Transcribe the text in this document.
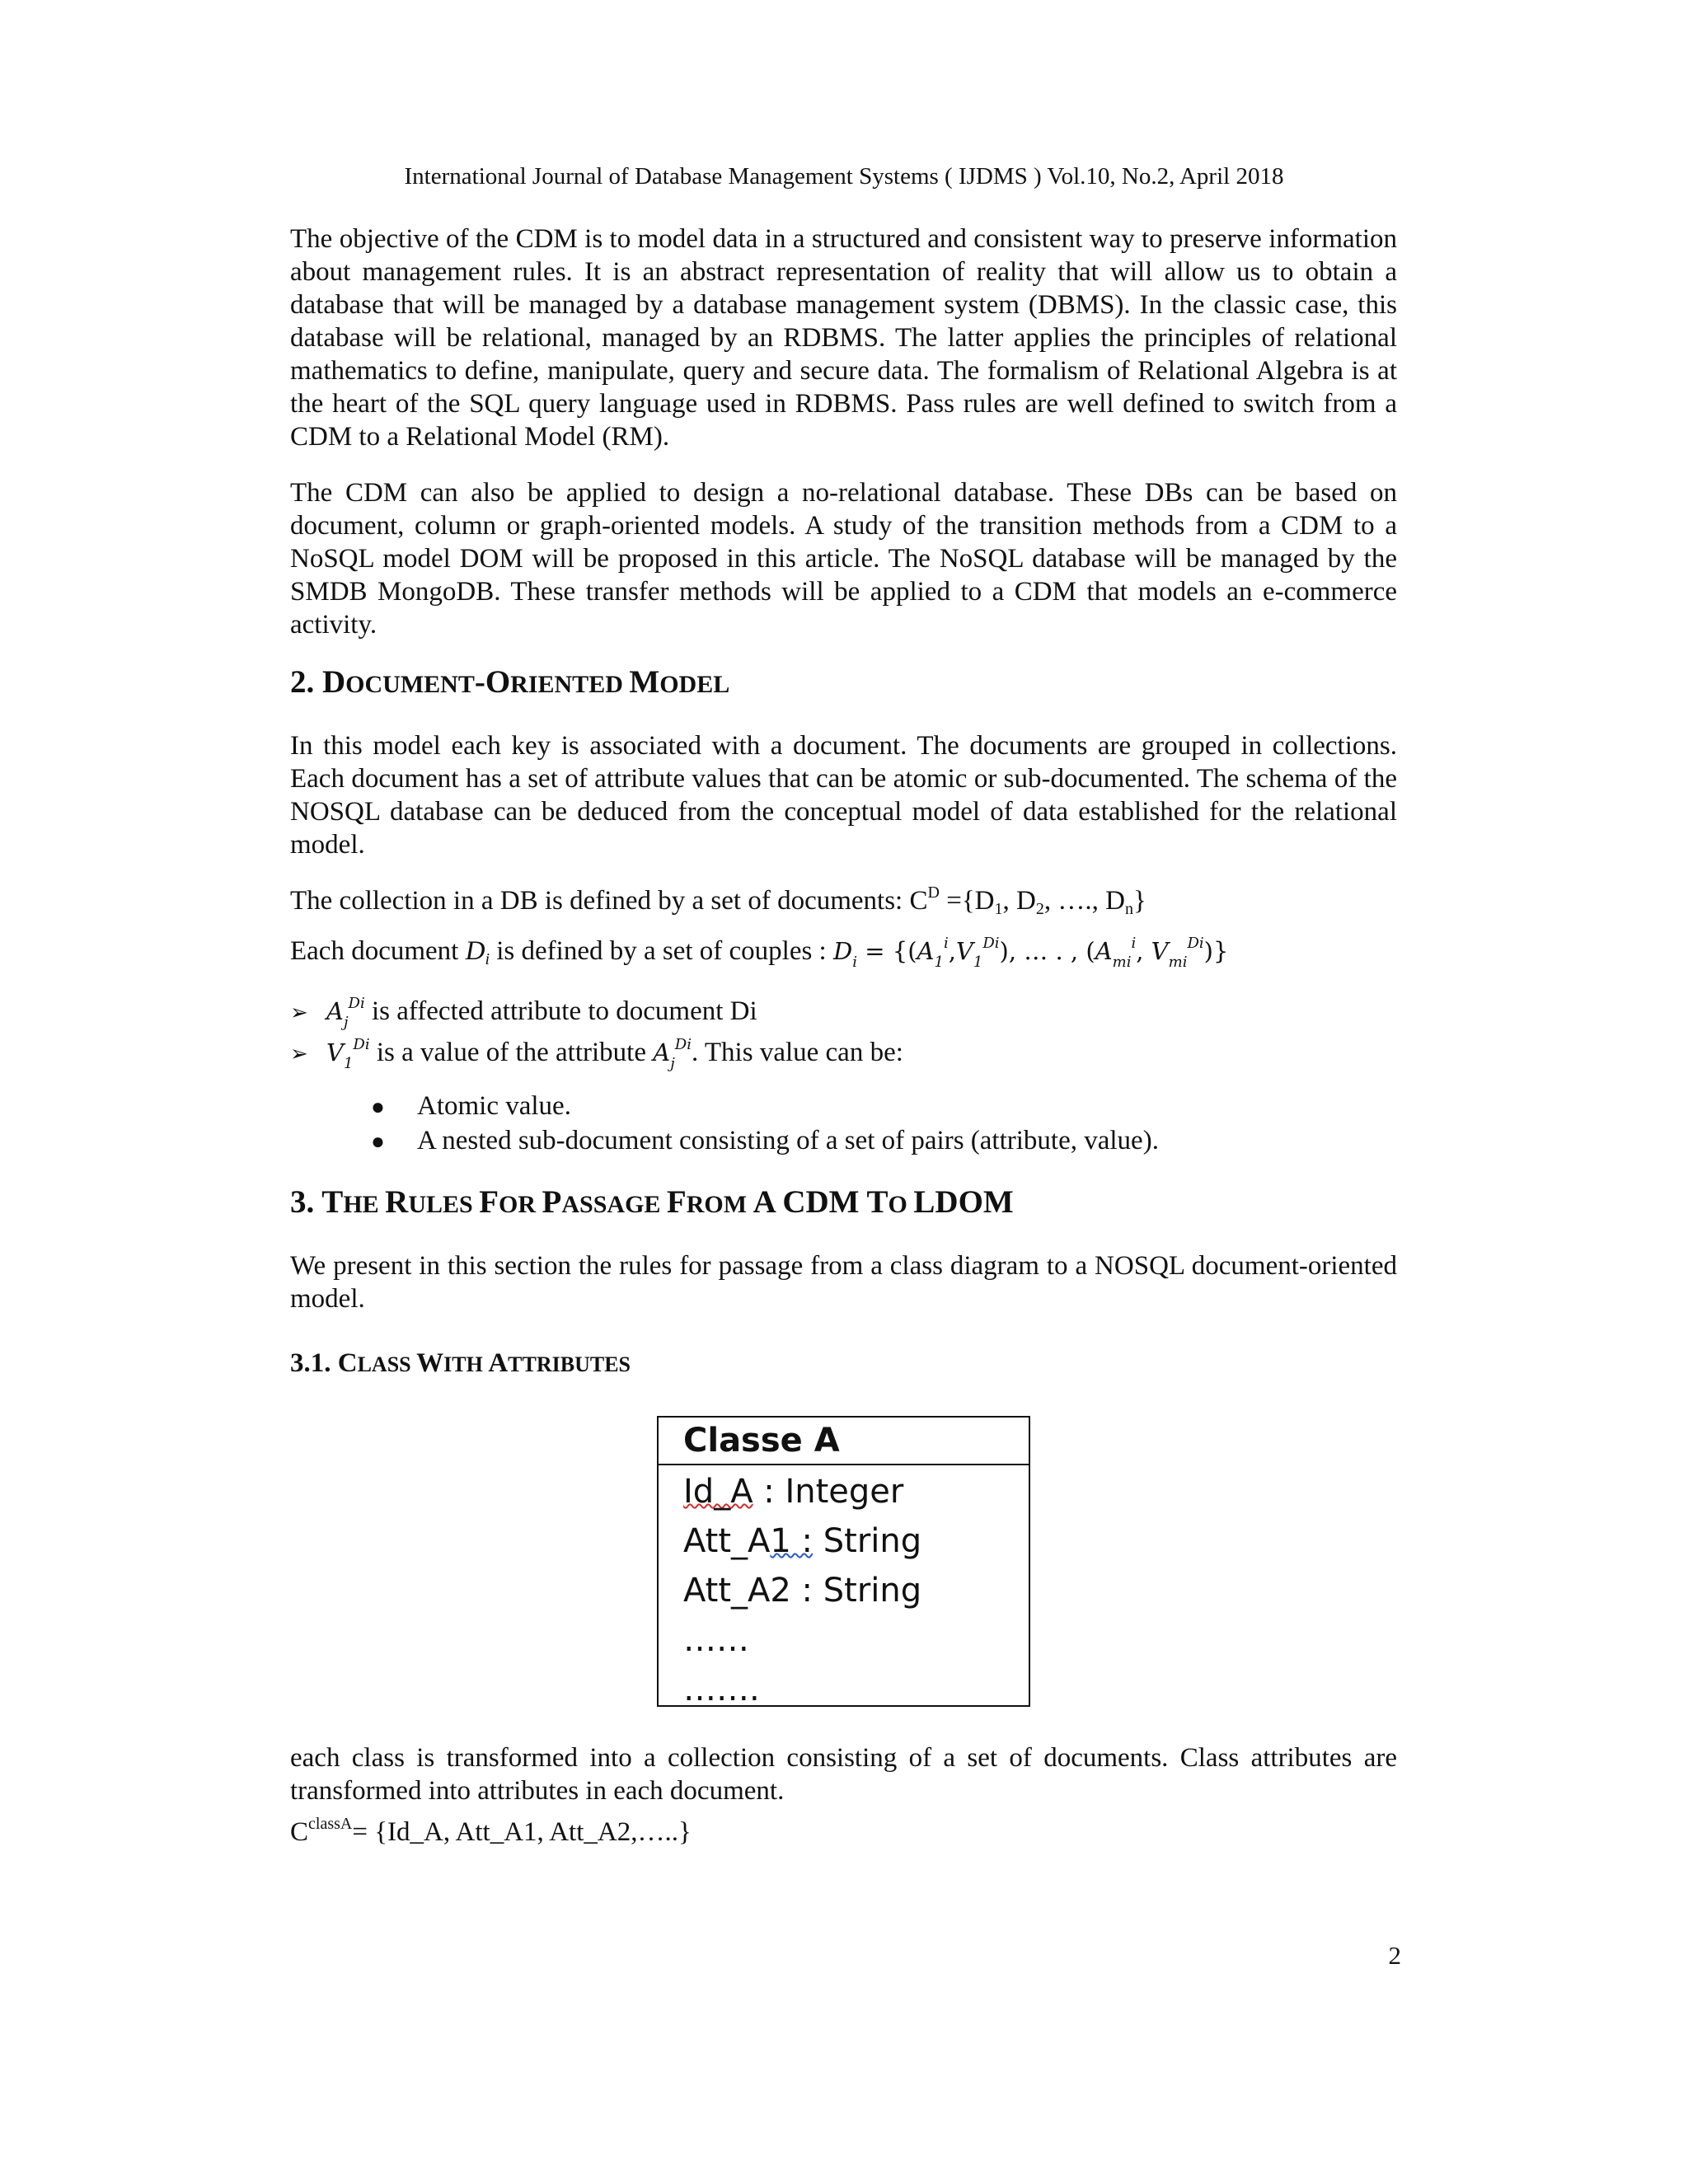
International Journal of Database Management Systems ( IJDMS ) Vol.10, No.2, April 2018

The objective of the CDM is to model data in a structured and consistent way to preserve information about management rules. It is an abstract representation of reality that will allow us to obtain a database that will be managed by a database management system (DBMS). In the classic case, this database will be relational, managed by an RDBMS. The latter applies the principles of relational mathematics to define, manipulate, query and secure data. The formalism of Relational Algebra is at the heart of the SQL query language used in RDBMS. Pass rules are well defined to switch from a CDM to a Relational Model (RM).

The CDM can also be applied to design a no-relational database. These DBs can be based on document, column or graph-oriented models. A study of the transition methods from a CDM to a NoSQL model DOM will be proposed in this article. The NoSQL database will be managed by the SMDB MongoDB. These transfer methods will be applied to a CDM that models an e-commerce activity.

2. DOCUMENT-ORIENTED MODEL

In this model each key is associated with a document. The documents are grouped in collections. Each document has a set of attribute values that can be atomic or sub-documented. The schema of the NOSQL database can be deduced from the conceptual model of data established for the relational model.

The collection in a DB is defined by a set of documents: $C^D =\{D_1$, $D_2$, …., $D_n$}

Each document $D_i$ is defined by a set of couples : $D_i = \{(A_1^i,V_1^{Di})$, … . , ($A_{mi}^i$, $V_{mi}^{Di}$)}

➢ $A_j^{Di}$ is affected attribute to document Di
➢ $V_1^{Di}$ is a value of the attribute $A_j^{Di}$. This value can be:
● Atomic value.
● A nested sub-document consisting of a set of pairs (attribute, value).
3. THE RULES FOR PASSAGE FROM A CDM TO LDOM

We present in this section the rules for passage from a class diagram to a NOSQL document-oriented model.

3.1. CLASS WITH ATTRIBUTES
Classe A
Id_A : Integer
Att_A1 : String
Att_A2 : String
……
…….

each class is transformed into a collection consisting of a set of documents. Class attributes are transformed into attributes in each document.

$C^{classA}=$ {Id_A, Att_A1, Att_A2,…..}
2
